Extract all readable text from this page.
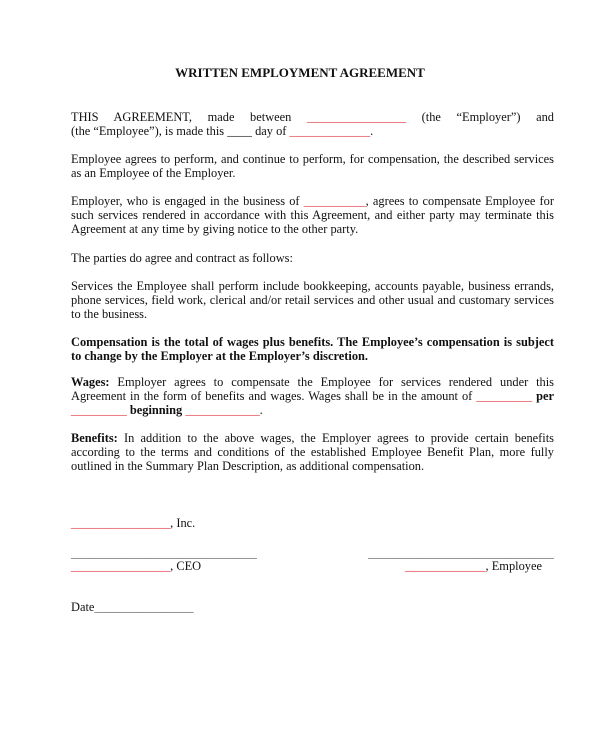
WRITTEN EMPLOYMENT AGREEMENT
THIS AGREEMENT, made between ________________ (the “Employer”) and
(the “Employee”), is made this ____ day of _____________.
Employee agrees to perform, and continue to perform, for compensation, the described services
as an Employee of the Employer.
Employer, who is engaged in the business of __________, agrees to compensate Employee for
such services rendered in accordance with this Agreement, and either party may terminate this
Agreement at any time by giving notice to the other party.
The parties do agree and contract as follows:
Services the Employee shall perform include bookkeeping, accounts payable, business errands,
phone services, field work, clerical and/or retail services and other usual and customary services
to the business.
Compensation is the total of wages plus benefits. The Employee’s compensation is subject
to change by the Employer at the Employer’s discretion.
Wages: Employer agrees to compensate the Employee for services rendered under this
Agreement in the form of benefits and wages. Wages shall be in the amount of _________ per
_________ beginning ____________.
Benefits: In addition to the above wages, the Employer agrees to provide certain benefits
according to the terms and conditions of the established Employee Benefit Plan, more fully
outlined in the Summary Plan Description, as additional compensation.
________________, Inc.
______________________________
________________, CEO
______________________________
_____________, Employee
Date________________
